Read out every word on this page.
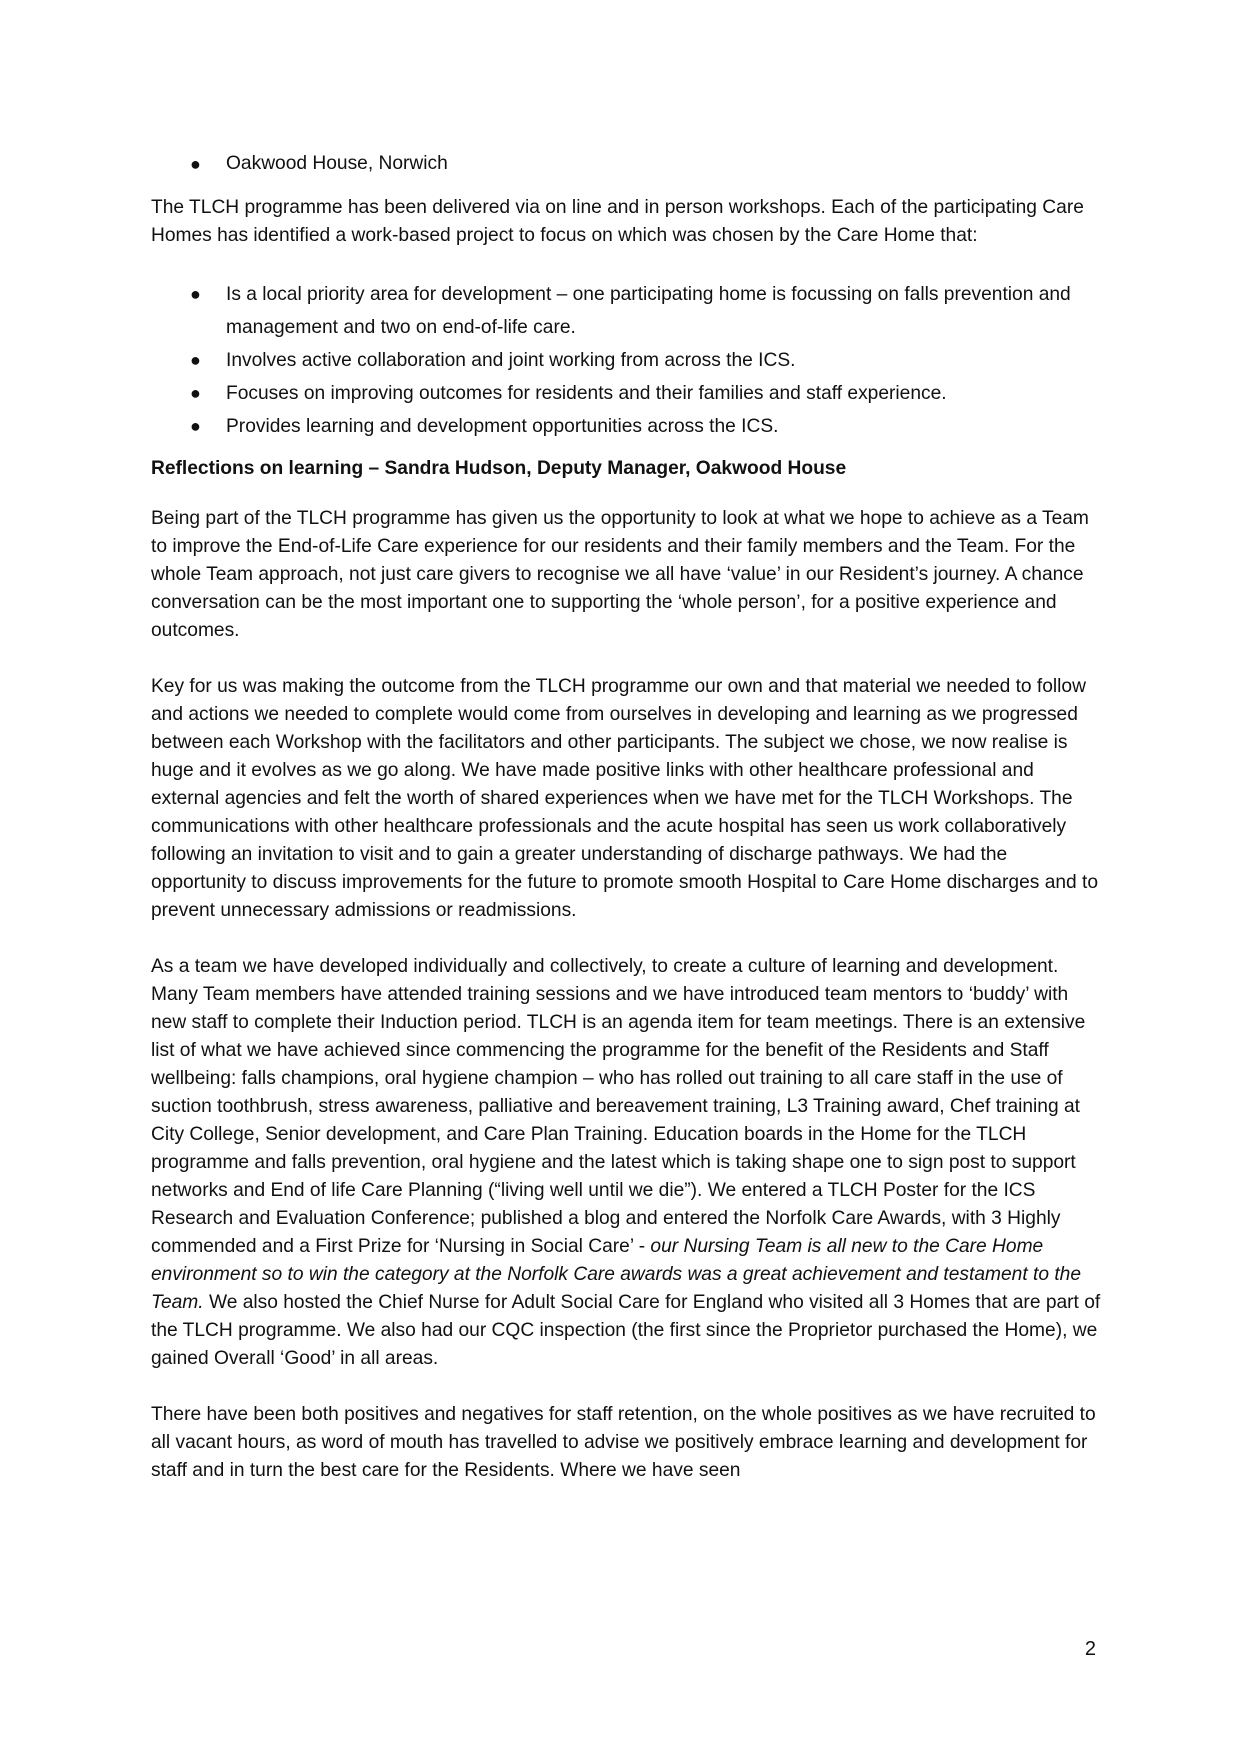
● Oakwood House, Norwich

The TLCH programme has been delivered via on line and in person workshops. Each of the participating Care Homes has identified a work-based project to focus on which was chosen by the Care Home that:

● Is a local priority area for development – one participating home is focussing on falls prevention and management and two on end-of-life care.
● Involves active collaboration and joint working from across the ICS.
● Focuses on improving outcomes for residents and their families and staff experience.
● Provides learning and development opportunities across the ICS.

Reflections on learning – Sandra Hudson, Deputy Manager, Oakwood House

Being part of the TLCH programme has given us the opportunity to look at what we hope to achieve as a Team to improve the End-of-Life Care experience for our residents and their family members and the Team. For the whole Team approach, not just care givers to recognise we all have ‘value’ in our Resident’s journey. A chance conversation can be the most important one to supporting the ‘whole person’, for a positive experience and outcomes.

Key for us was making the outcome from the TLCH programme our own and that material we needed to follow and actions we needed to complete would come from ourselves in developing and learning as we progressed between each Workshop with the facilitators and other participants. The subject we chose, we now realise is huge and it evolves as we go along. We have made positive links with other healthcare professional and external agencies and felt the worth of shared experiences when we have met for the TLCH Workshops. The communications with other healthcare professionals and the acute hospital has seen us work collaboratively following an invitation to visit and to gain a greater understanding of discharge pathways. We had the opportunity to discuss improvements for the future to promote smooth Hospital to Care Home discharges and to prevent unnecessary admissions or readmissions.

As a team we have developed individually and collectively, to create a culture of learning and development. Many Team members have attended training sessions and we have introduced team mentors to ‘buddy’ with new staff to complete their Induction period. TLCH is an agenda item for team meetings. There is an extensive list of what we have achieved since commencing the programme for the benefit of the Residents and Staff wellbeing: falls champions, oral hygiene champion – who has rolled out training to all care staff in the use of suction toothbrush, stress awareness, palliative and bereavement training, L3 Training award, Chef training at City College, Senior development, and Care Plan Training. Education boards in the Home for the TLCH programme and falls prevention, oral hygiene and the latest which is taking shape one to sign post to support networks and End of life Care Planning (“living well until we die”). We entered a TLCH Poster for the ICS Research and Evaluation Conference; published a blog and entered the Norfolk Care Awards, with 3 Highly commended and a First Prize for ‘Nursing in Social Care’ - our Nursing Team is all new to the Care Home environment so to win the category at the Norfolk Care awards was a great achievement and testament to the Team. We also hosted the Chief Nurse for Adult Social Care for England who visited all 3 Homes that are part of the TLCH programme. We also had our CQC inspection (the first since the Proprietor purchased the Home), we gained Overall ‘Good’ in all areas.

There have been both positives and negatives for staff retention, on the whole positives as we have recruited to all vacant hours, as word of mouth has travelled to advise we positively embrace learning and development for staff and in turn the best care for the Residents. Where we have seen

2
